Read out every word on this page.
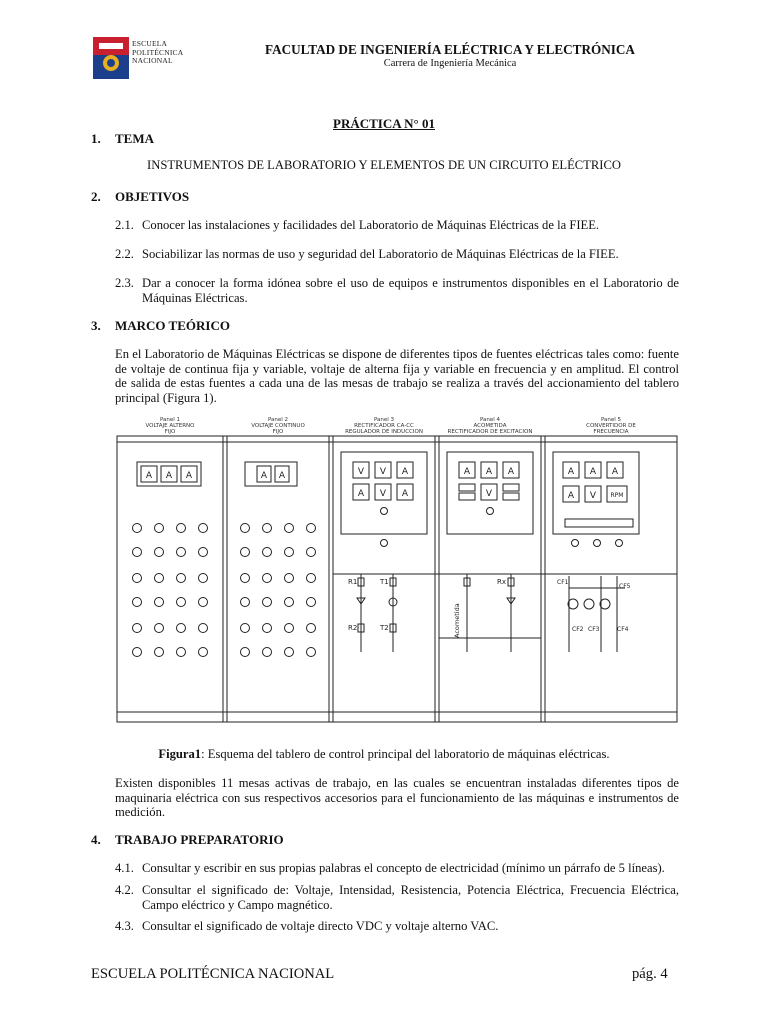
ESCUELA
POLITÉCNICA
NACIONAL
FACULTAD DE INGENIERÍA ELÉCTRICA Y ELECTRÓNICA
Carrera de Ingeniería Mecánica
PRÁCTICA N° 01
1. TEMA
INSTRUMENTOS DE LABORATORIO Y ELEMENTOS DE UN CIRCUITO ELÉCTRICO
2. OBJETIVOS
2.1. Conocer las instalaciones y facilidades del Laboratorio de Máquinas Eléctricas de la FIEE.
2.2. Sociabilizar las normas de uso y seguridad del Laboratorio de Máquinas Eléctricas de la FIEE.
2.3. Dar a conocer la forma idónea sobre el uso de equipos e instrumentos disponibles en el Laboratorio de Máquinas Eléctricas.
3. MARCO TEÓRICO
En el Laboratorio de Máquinas Eléctricas se dispone de diferentes tipos de fuentes eléctricas tales como: fuente de voltaje de continua fija y variable, voltaje de alterna fija y variable en frecuencia y en amplitud. El control de salida de estas fuentes a cada una de las mesas de trabajo se realiza a través del accionamiento del tablero principal (Figura 1).
Panel 1
VOLTAJE ALTERNO
FIJO
Panel 2
VOLTAJE CONTINUO
FIJO
Panel 3
RECTIFICADOR CA-CC
REGULADOR DE INDUCCION
Panel 4
ACOMETIDA
RECTIFICADOR DE EXCITACION
Panel 5
CONVERTIDOR DE
FRECUENCIA
A A A	A A	V V A
A V A
A A A
V
A A A
A V RPM
R1	T1
R2	T2
Rx
Acometida
CF1
CF5
CF2 CF3	CF4
Figura1: Esquema del tablero de control principal del laboratorio de máquinas eléctricas.
Existen disponibles 11 mesas activas de trabajo, en las cuales se encuentran instaladas diferentes tipos de maquinaria eléctrica con sus respectivos accesorios para el funcionamiento de las máquinas e instrumentos de medición.
4. TRABAJO PREPARATORIO
4.1. Consultar y escribir en sus propias palabras el concepto de electricidad (mínimo un párrafo de 5 líneas).
4.2. Consultar el significado de: Voltaje, Intensidad, Resistencia, Potencia Eléctrica, Frecuencia Eléctrica, Campo eléctrico y Campo magnético.
4.3. Consultar el significado de voltaje directo VDC y voltaje alterno VAC.
ESCUELA POLITÉCNICA NACIONAL	pág. 4
